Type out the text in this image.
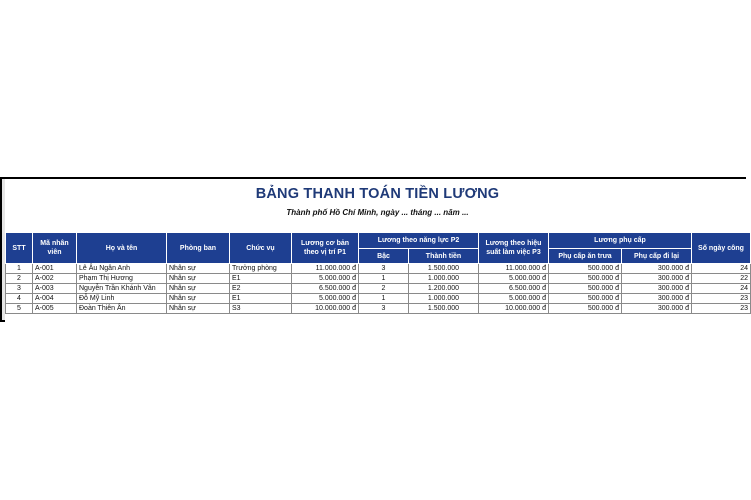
BẢNG THANH TOÁN TIỀN LƯƠNG
Thành phố Hồ Chí Minh, ngày ... tháng ... năm ...
STT	Mã nhân viên	Họ và tên	Phòng ban	Chức vụ	Lương cơ bản theo vị trí P1	Lương theo năng lực P2		Lương theo hiệu suất làm việc P3	Lương phụ cấp		Số ngày công
						Bậc	Thành tiền		Phụ cấp ăn trưa	Phụ cấp đi lại	
1	A-001	Lê Âu Ngân Anh	Nhân sự	Trưởng phòng	11.000.000 đ	3	1.500.000	11.000.000 đ	500.000 đ	300.000 đ	24
2	A-002	Phạm Thị Hương	Nhân sự	E1	5.000.000 đ	1	1.000.000	5.000.000 đ	500.000 đ	300.000 đ	22
3	A-003	Nguyễn Trần Khánh Vân	Nhân sự	E2	6.500.000 đ	2	1.200.000	6.500.000 đ	500.000 đ	300.000 đ	24
4	A-004	Đỗ Mỹ Linh	Nhân sự	E1	5.000.000 đ	1	1.000.000	5.000.000 đ	500.000 đ	300.000 đ	23
5	A-005	Đoàn Thiên Ân	Nhân sự	S3	10.000.000 đ	3	1.500.000	10.000.000 đ	500.000 đ	300.000 đ	23
